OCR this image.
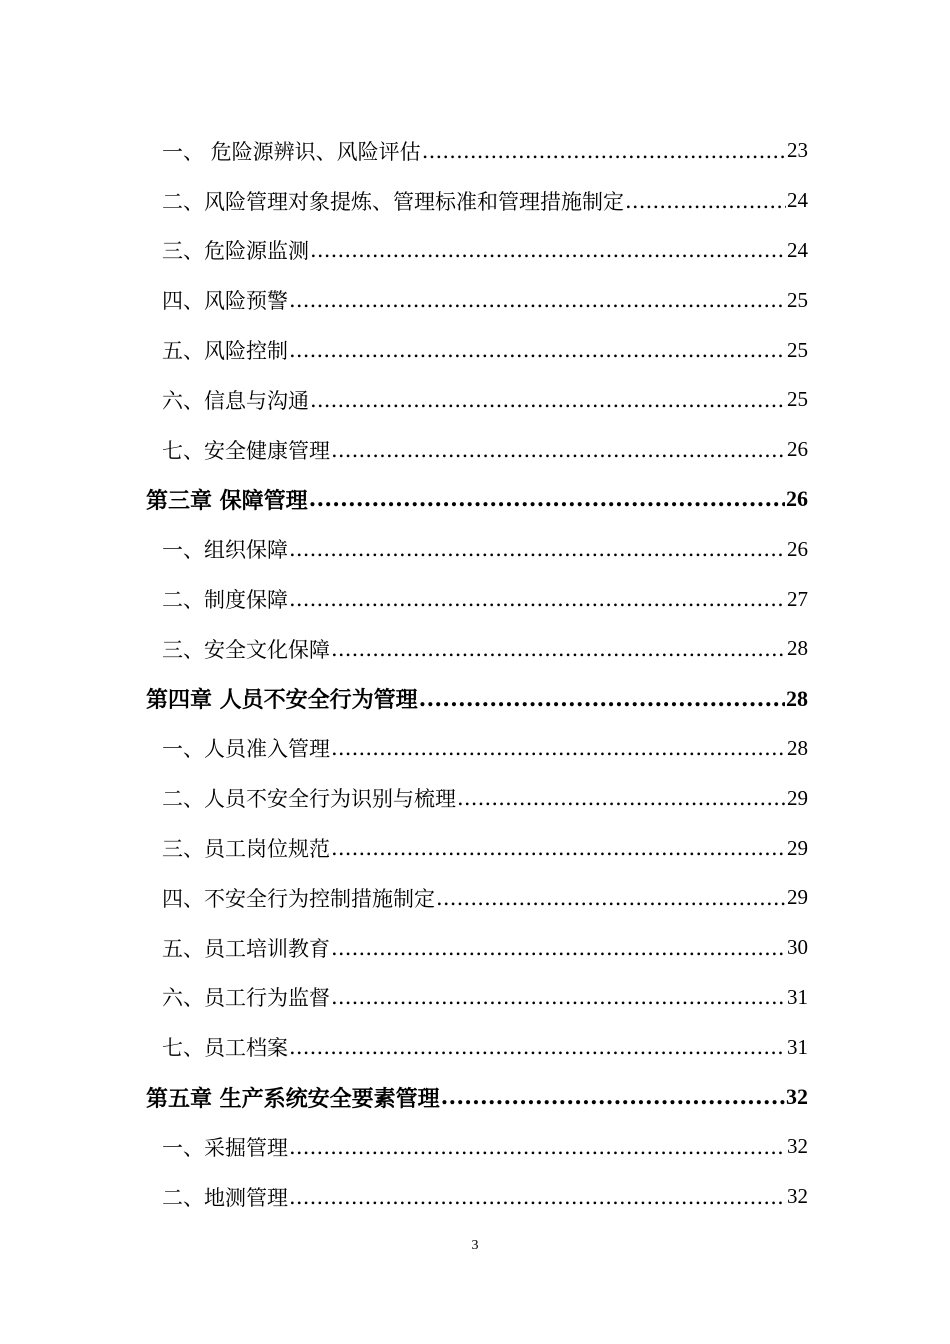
一、 危险源辨识、风险评估 .....	23
二、风险管理对象提炼、管理标准和管理措施制定 .....	24
三、危险源监测 .....	24
四、风险预警 .....	25
五、风险控制 .....	25
六、信息与沟通 .....	25
七、安全健康管理 .....	26
第三章 保障管理 .....	26
一、组织保障 .....	26
二、制度保障 .....	27
三、安全文化保障 .....	28
第四章 人员不安全行为管理 .....	28
一、人员准入管理 .....	28
二、人员不安全行为识别与梳理 .....	29
三、员工岗位规范 .....	29
四、不安全行为控制措施制定 .....	29
五、员工培训教育 .....	30
六、员工行为监督 .....	31
七、员工档案 .....	31
第五章 生产系统安全要素管理 .....	32
一、采掘管理 .....	32
二、地测管理 .....	32
3
